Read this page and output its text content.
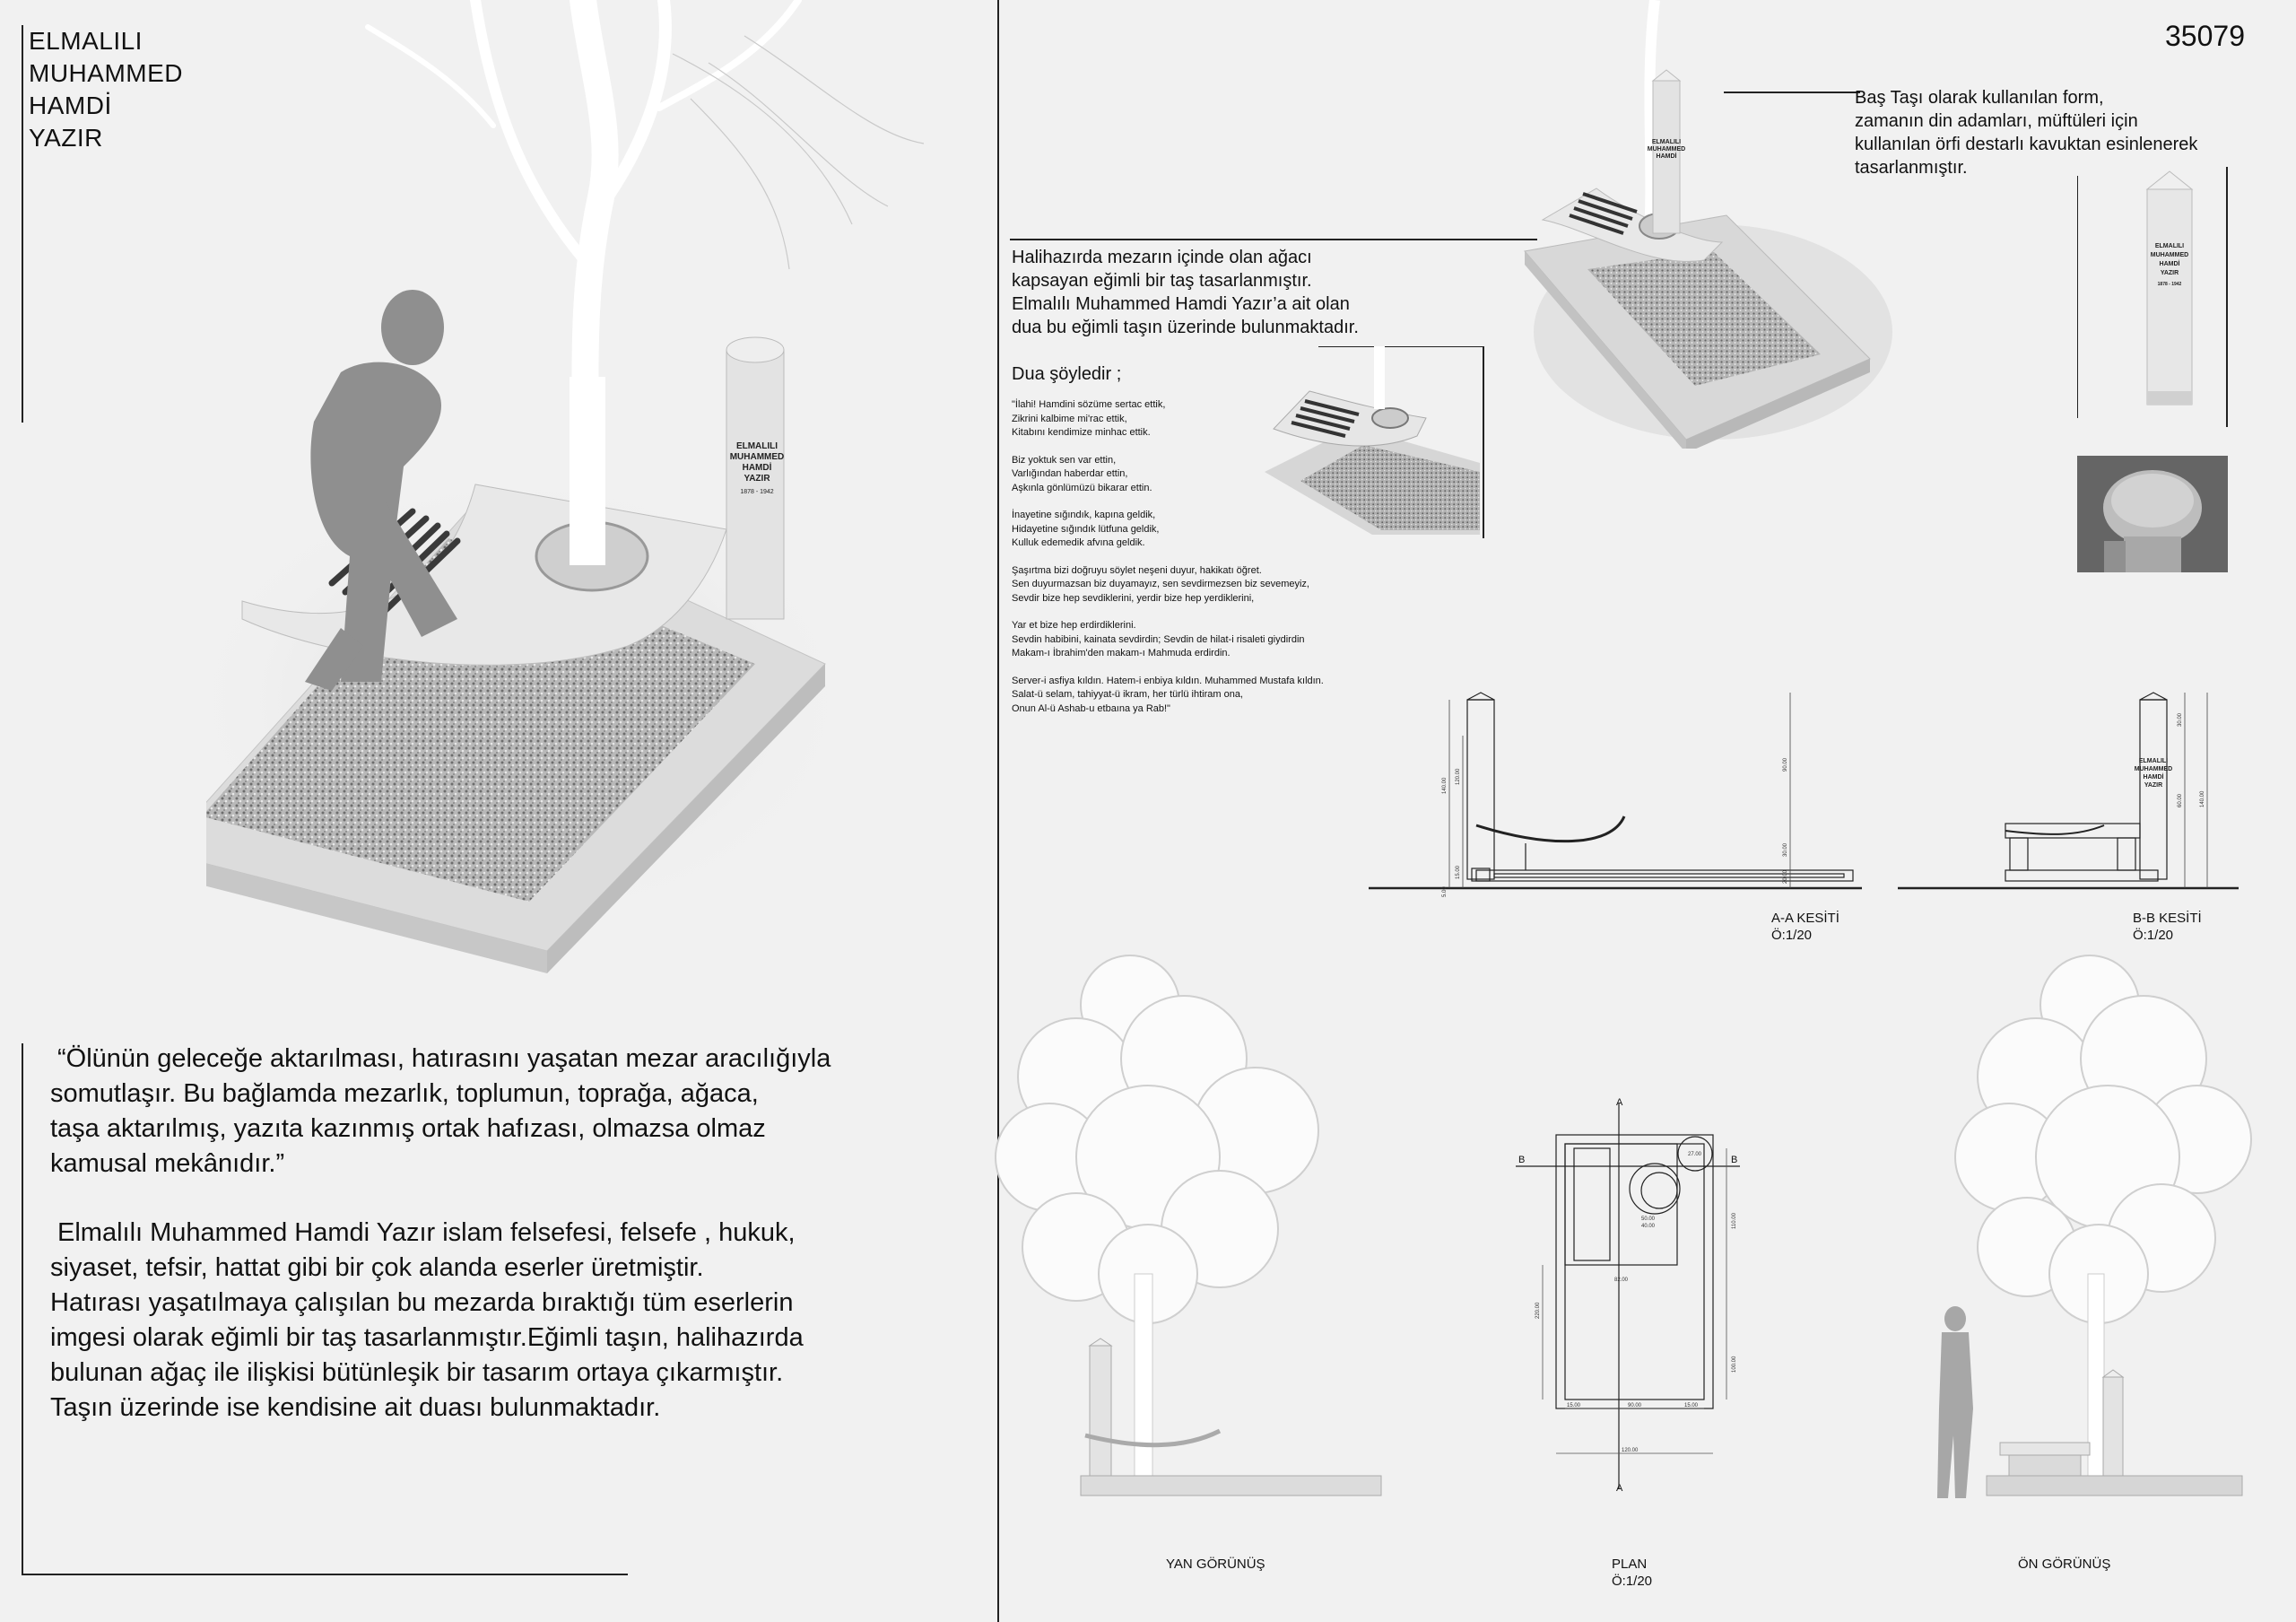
ELMALILI
MUHAMMED
HAMDİ
YAZIR
ELMALILI
MUHAMMED
HAMDİ
YAZIR
1878 - 1942
“Ölünün geleceğe aktarılması, hatırasını yaşatan mezar aracılığıyla
somutlaşır. Bu bağlamda mezarlık, toplumun, toprağa, ağaca,
taşa aktarılmış, yazıta kazınmış ortak hafızası, olmazsa olmaz
kamusal mekânıdır.”
Elmalılı Muhammed Hamdi Yazır islam felsefesi, felsefe , hukuk,
siyaset, tefsir, hattat gibi bir çok alanda eserler üretmiştir.
Hatırası yaşatılmaya çalışılan bu mezarda bıraktığı tüm eserlerin
imgesi olarak eğimli bir taş tasarlanmıştır.Eğimli taşın, halihazırda
bulunan ağaç ile ilişkisi bütünleşik bir tasarım ortaya çıkarmıştır.
Taşın üzerinde ise kendisine ait duası bulunmaktadır.
35079
ELMALILI
MUHAMMED
HAMDİ
Baş Taşı olarak kullanılan form,
zamanın din adamları, müftüleri için
kullanılan örfi destarlı kavuktan esinlenerek
tasarlanmıştır.
ELMALILI
MUHAMMED
HAMDİ
YAZIR
1878 - 1942
Halihazırda mezarın içinde olan ağacı
kapsayan eğimli bir taş tasarlanmıştır.
Elmalılı Muhammed Hamdi Yazır’a ait olan
dua bu eğimli taşın üzerinde bulunmaktadır.
Dua şöyledir ;
"İlahi! Hamdini sözüme sertac ettik,
Zikrini kalbime mi'rac ettik,
Kitabını kendimize minhac ettik.
Biz yoktuk sen var ettin,
Varlığından haberdar ettin,
Aşkınla gönlümüzü bikarar ettin.
İnayetine sığındık, kapına geldik,
Hidayetine sığındık lütfuna geldik,
Kulluk edemedik afvına geldik.
Şaşırtma bizi doğruyu söylet neşeni duyur, hakikatı öğret.
Sen duyurmazsan biz duyamayız, sen sevdirmezsen biz sevemeyiz,
Sevdir bize hep sevdiklerini, yerdir bize hep yerdiklerini,
Yar et bize hep erdirdiklerini.
Sevdin habibini, kainata sevdirdin; Sevdin de hilat-i risaleti giydirdin
Makam-ı İbrahim'den makam-ı Mahmuda erdirdin.
Server-i asfiya kıldın. Hatem-i enbiya kıldın. Muhammed Mustafa kıldın.
Salat-ü selam, tahiyyat-ü ikram, her türlü ihtiram ona,
Onun Al-ü Ashab-u etbaına ya Rab!"
140.00
120.00
90.00
30.00
20.00
15.00
5.00
A-A KESİTİ
Ö:1/20
ELMALILI
MUHAMMED
HAMDİ
YAZIR
30.00
60.00	140.00
B-B KESİTİ
Ö:1/20
YAN GÖRÜNÜŞ
A
A
B	B
27.00
40.00
50.00
82.00
110.00
100.00
220.00
15.00	90.00	15.00
120.00
PLAN
Ö:1/20
ÖN GÖRÜNÜŞ
